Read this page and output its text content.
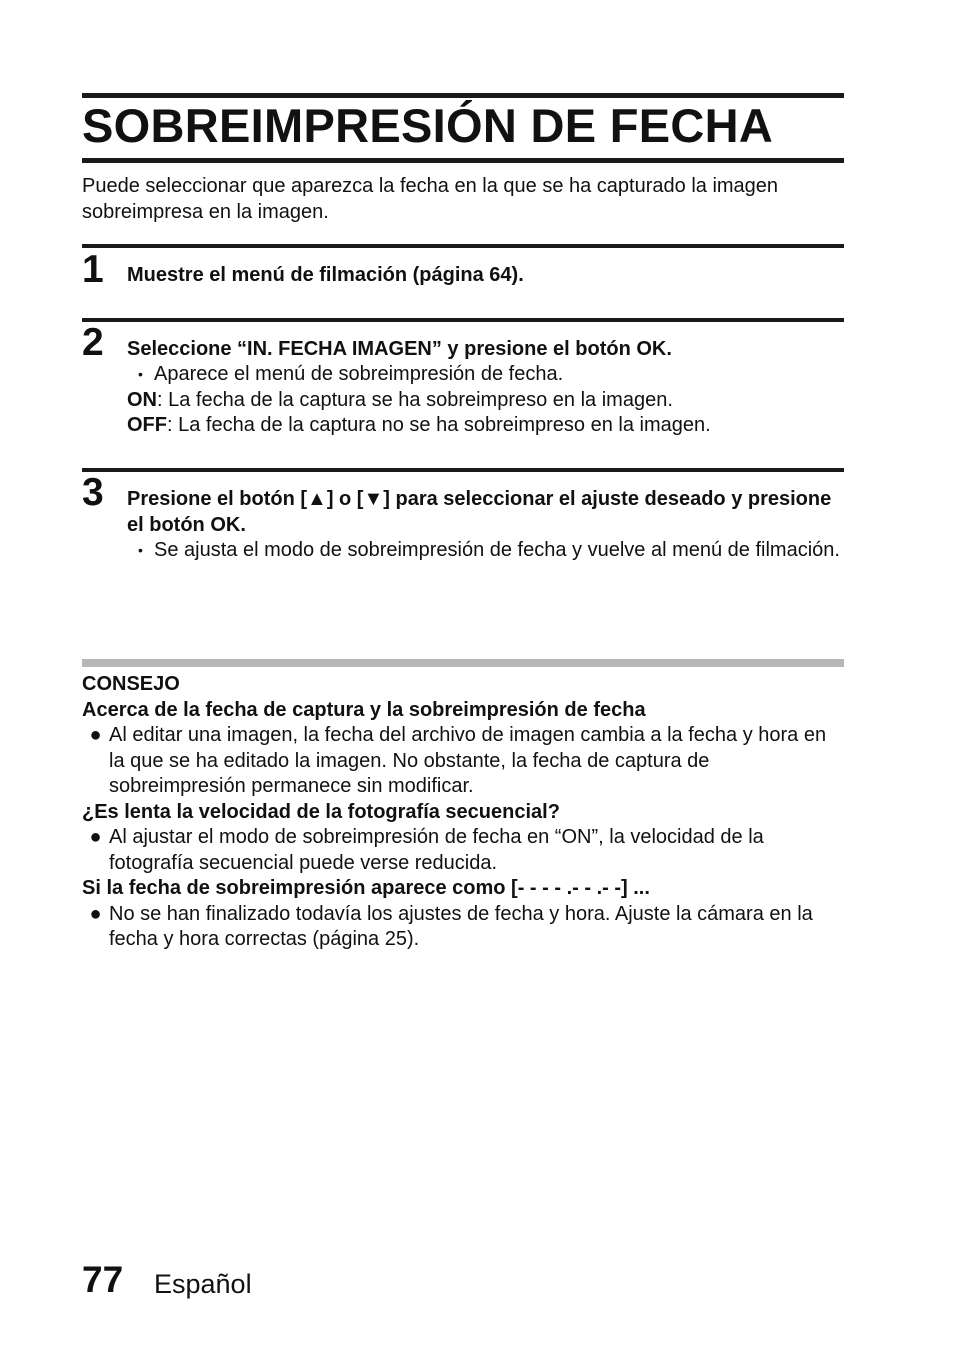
SOBREIMPRESIÓN DE FECHA

Puede seleccionar que aparezca la fecha en la que se ha capturado la imagen sobreimpresa en la imagen.

1 Muestre el menú de filmación (página 64).

2 Seleccione “IN. FECHA IMAGEN” y presione el botón OK.

• Aparece el menú de sobreimpresión de fecha.
ON: La fecha de la captura se ha sobreimpreso en la imagen.
OFF: La fecha de la captura no se ha sobreimpreso en la imagen.
3 Presione el botón [▲] o [▼] para seleccionar el ajuste deseado y presione el botón OK.

• Se ajusta el modo de sobreimpresión de fecha y vuelve al menú de filmación.
CONSEJO
Acerca de la fecha de captura y la sobreimpresión de fecha
● Al editar una imagen, la fecha del archivo de imagen cambia a la fecha y hora en la que se ha editado la imagen. No obstante, la fecha de captura de sobreimpresión permanece sin modificar.
¿Es lenta la velocidad de la fotografía secuencial?
● Al ajustar el modo de sobreimpresión de fecha en “ON”, la velocidad de la fotografía secuencial puede verse reducida.
Si la fecha de sobreimpresión aparece como [- - - - .- - .- -] ...
● No se han finalizado todavía los ajustes de fecha y hora. Ajuste la cámara en la fecha y hora correctas (página 25).
77 Español
